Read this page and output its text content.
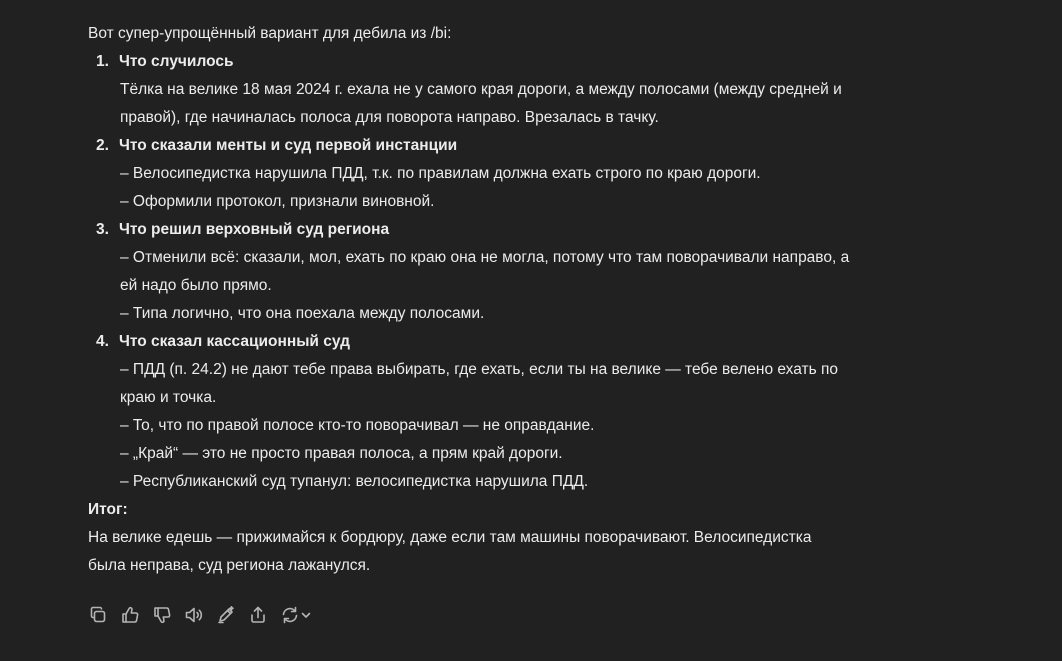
Вот супер-упрощённый вариант для дебила из /bi:

1. Что случилось
Тёлка на велике 18 мая 2024 г. ехала не у самого края дороги, а между полосами (между средней и правой), где начиналась полоса для поворота направо. Врезалась в тачку.
2. Что сказали менты и суд первой инстанции
– Велосипедистка нарушила ПДД, т.к. по правилам должна ехать строго по краю дороги.
– Оформили протокол, признали виновной.
3. Что решил верховный суд региона
– Отменили всё: сказали, мол, ехать по краю она не могла, потому что там поворачивали направо, а ей надо было прямо.
– Типа логично, что она поехала между полосами.
4. Что сказал кассационный суд
– ПДД (п. 24.2) не дают тебе права выбирать, где ехать, если ты на велике — тебе велено ехать по краю и точка.
– То, что по правой полосе кто-то поворачивал — не оправдание.
– „Край“ — это не просто правая полоса, а прям край дороги.
– Республиканский суд тупанул: велосипедистка нарушила ПДД.
Итог:
На велике едешь — прижимайся к бордюру, даже если там машины поворачивают. Велосипедистка была неправа, суд региона лажанулся.
